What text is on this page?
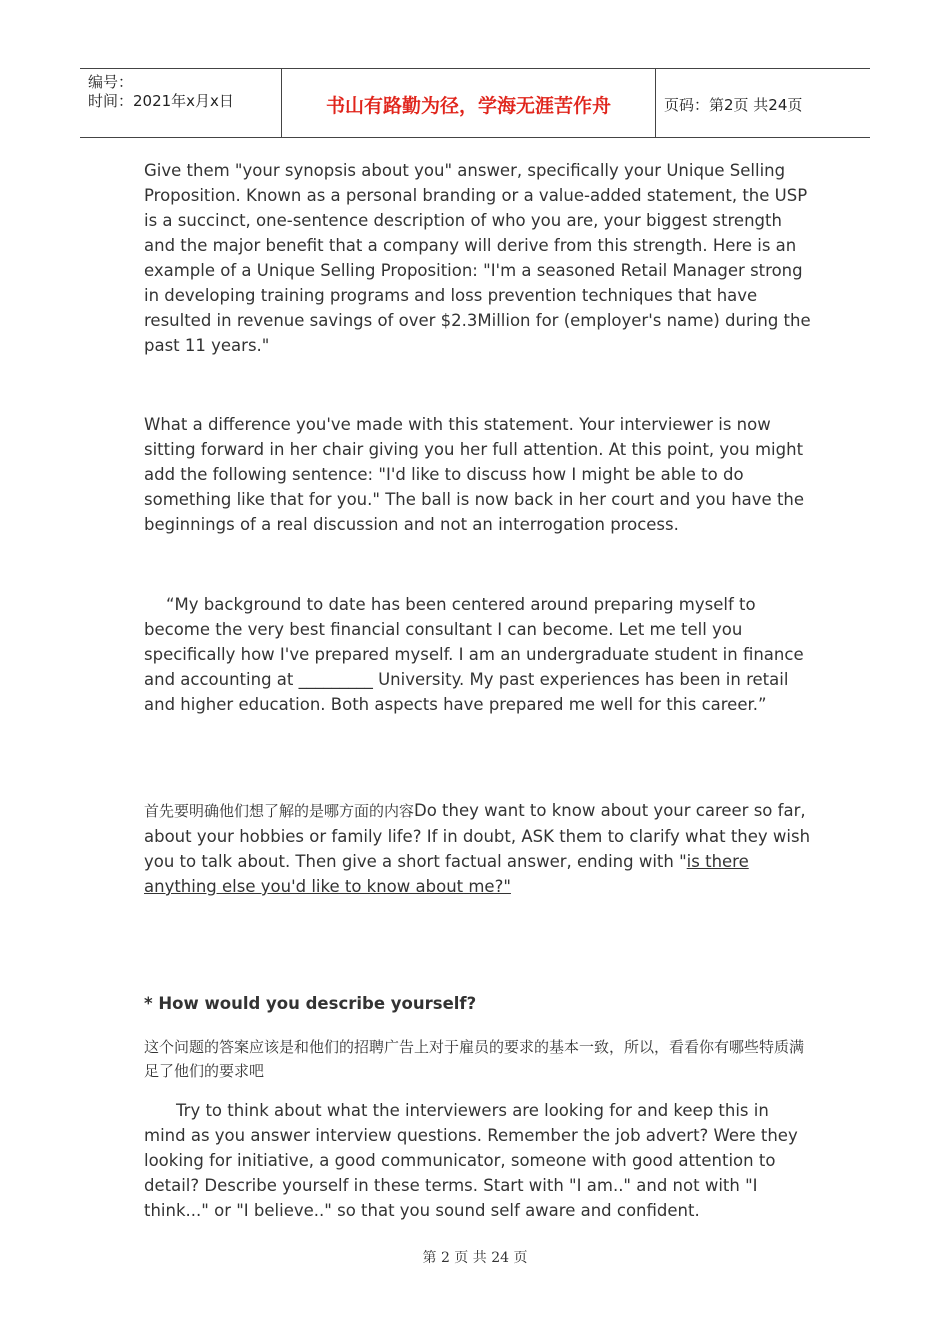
编号：
时间：2021年x月x日	书山有路勤为径，学海无涯苦作舟	页码：第2页 共24页

Give them "your synopsis about you" answer, specifically your Unique Selling Proposition. Known as a personal branding or a value-added statement, the USP is a succinct, one-sentence description of who you are, your biggest strength and the major benefit that a company will derive from this strength. Here is an example of a Unique Selling Proposition: "I'm a seasoned Retail Manager strong in developing training programs and loss prevention techniques that have resulted in revenue savings of over $2.3Million for (employer's name) during the past 11 years."

What a difference you've made with this statement. Your interviewer is now sitting forward in her chair giving you her full attention. At this point, you might add the following sentence: "I'd like to discuss how I might be able to do something like that for you." The ball is now back in her court and you have the beginnings of a real discussion and not an interrogation process.

“My background to date has been centered around preparing myself to become the very best financial consultant I can become. Let me tell you specifically how I've prepared myself. I am an undergraduate student in finance and accounting at _________ University. My past experiences has been in retail and higher education. Both aspects have prepared me well for this career.”

首先要明确他们想了解的是哪方面的内容Do they want to know about your career so far, about your hobbies or family life? If in doubt, ASK them to clarify what they wish you to talk about. Then give a short factual answer, ending with "is there anything else you'd like to know about me?"

* How would you describe yourself?

这个问题的答案应该是和他们的招聘广告上对于雇员的要求的基本一致，所以，看看你有哪些特质满足了他们的要求吧

Try to think about what the interviewers are looking for and keep this in mind as you answer interview questions. Remember the job advert? Were they looking for initiative, a good communicator, someone with good attention to detail? Describe yourself in these terms. Start with "I am.." and not with "I think..." or "I believe.." so that you sound self aware and confident.

第 2 页 共 24 页
